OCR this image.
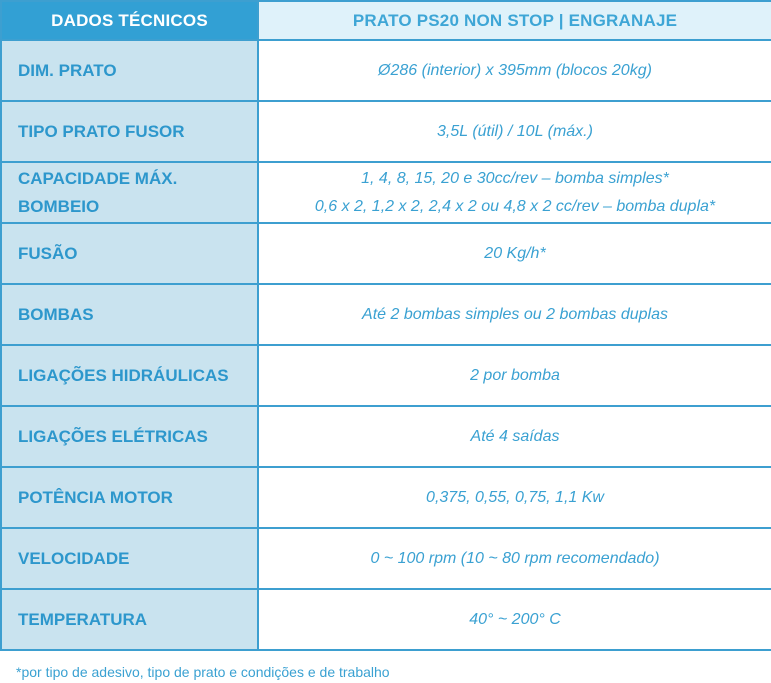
DADOS TÉCNICOS	PRATO PS20 NON STOP | ENGRANAJE
DIM. PRATO	Ø286 (interior) x 395mm (blocos 20kg)

TIPO PRATO FUSOR	3,5L (útil) / 10L (máx.)

CAPACIDADE MÁX. BOMBEIO	1, 4, 8, 15, 20 e 30cc/rev – bomba simples*
0,6 x 2, 1,2 x 2, 2,4 x 2 ou 4,8 x 2 cc/rev – bomba dupla*

FUSÃO	20 Kg/h*

BOMBAS	Até 2 bombas simples ou 2 bombas duplas

LIGAÇÕES HIDRÁULICAS	2 por bomba

LIGAÇÕES ELÉTRICAS	Até 4 saídas

POTÊNCIA MOTOR	0,375, 0,55, 0,75, 1,1 Kw

VELOCIDADE	0 ~ 100 rpm (10 ~ 80 rpm recomendado)

TEMPERATURA	40° ~ 200° C
*por tipo de adesivo, tipo de prato e condições e de trabalho
